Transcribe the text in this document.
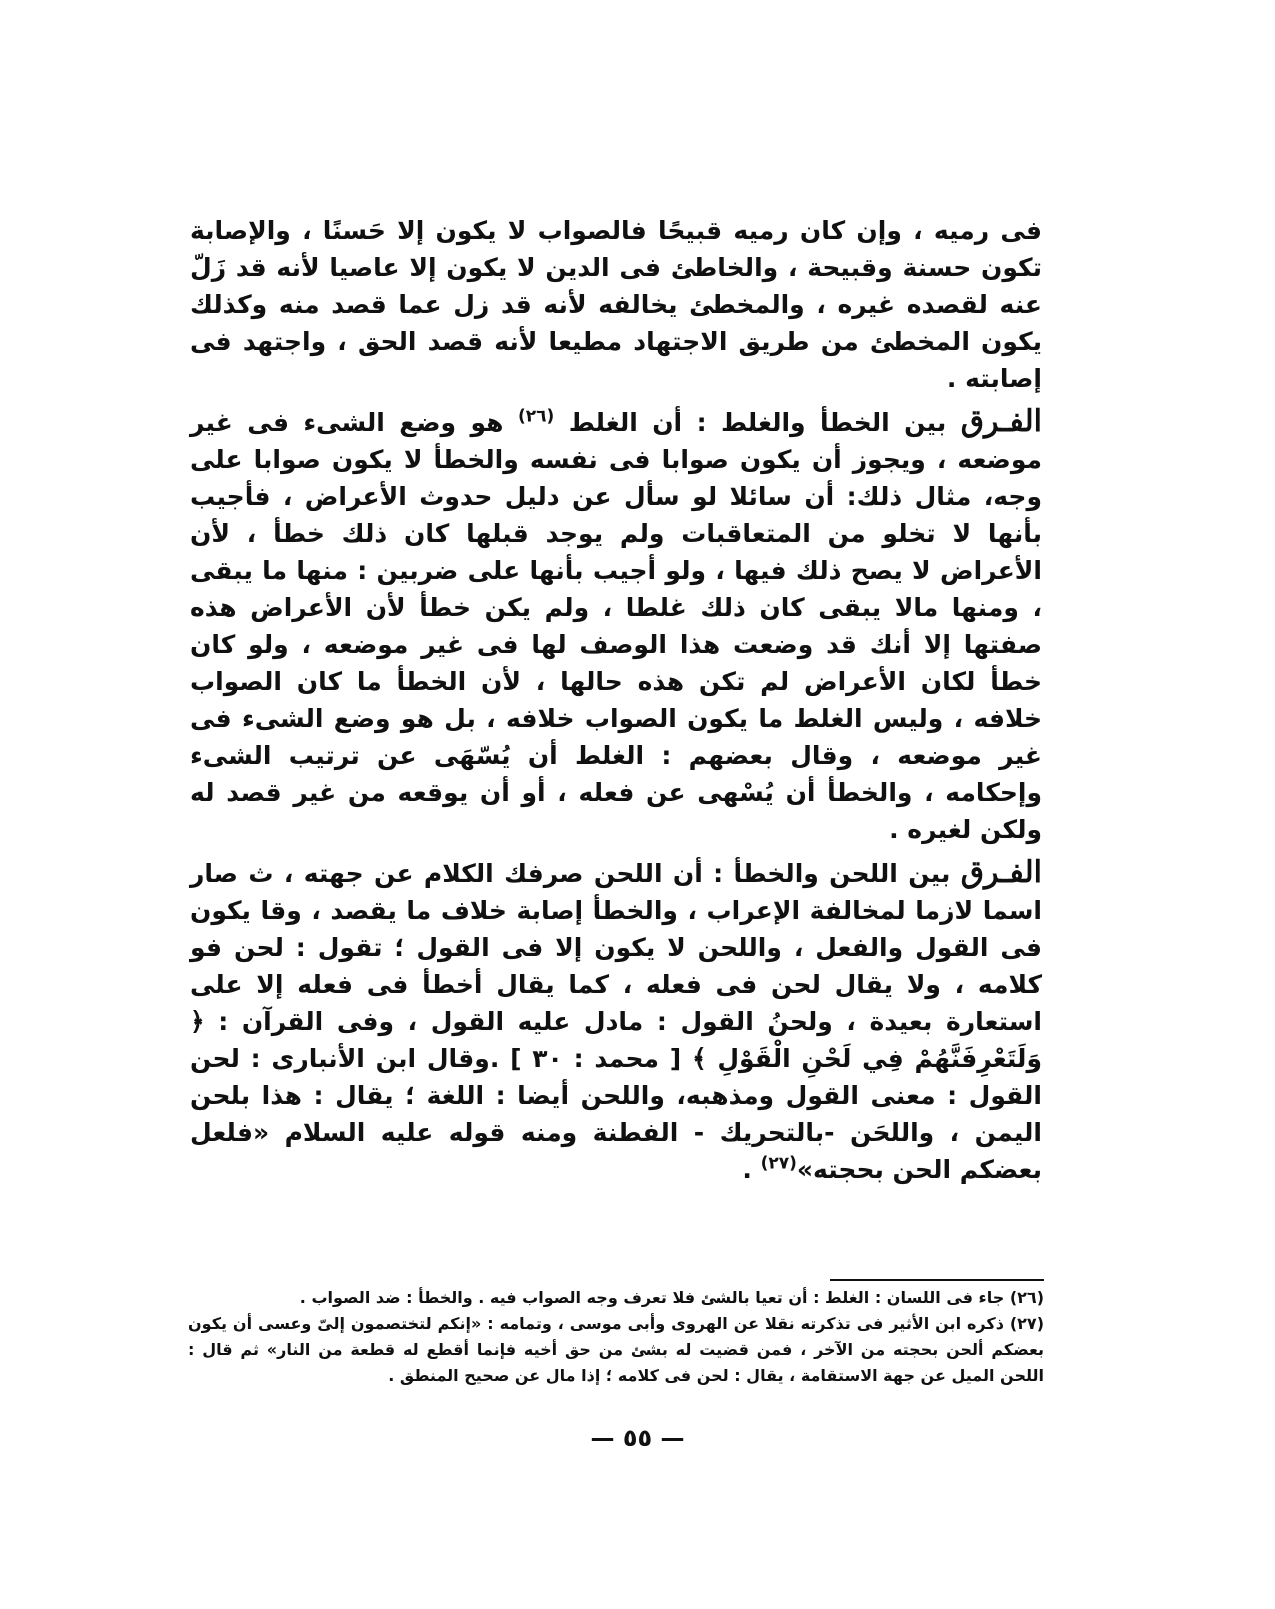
فى رميه ، وإن كان رميه قبيحًا فالصواب لا يكون إلا حَسنًا ، والإصابة تكون حسنة وقبيحة ، والخاطئ فى الدين لا يكون إلا عاصيا لأنه قد زَلّ عنه لقصده غيره ، والمخطئ يخالفه لأنه قد زل عما قصد منه وكذلك يكون المخطئ من طريق الاجتهاد مطيعا لأنه قصد الحق ، واجتهد فى إصابته .

الفـرق بين الخطأ والغلط : أن الغلط $^{(٢٦)}$ هو وضع الشىء فى غير موضعه ، ويجوز أن يكون صوابا فى نفسه والخطأ لا يكون صوابا على وجه، مثال ذلك: أن سائلا لو سأل عن دليل حدوث الأعراض ، فأجيب بأنها لا تخلو من المتعاقبات ولم يوجد قبلها كان ذلك خطأ ، لأن الأعراض لا يصح ذلك فيها ، ولو أجيب بأنها على ضربين : منها ما يبقى ، ومنها مالا يبقى كان ذلك غلطا ، ولم يكن خطأ لأن الأعراض هذه صفتها إلا أنك قد وضعت هذا الوصف لها فى غير موضعه ، ولو كان خطأ لكان الأعراض لم تكن هذه حالها ، لأن الخطأ ما كان الصواب خلافه ، وليس الغلط ما يكون الصواب خلافه ، بل هو وضع الشىء فى غير موضعه ، وقال بعضهم : الغلط أن يُسّهَى عن ترتيب الشىء وإحكامه ، والخطأ أن يُسْهى عن فعله ، أو أن يوقعه من غير قصد له ولكن لغيره .

الفـرق بين اللحن والخطأ : أن اللحن صرفك الكلام عن جهته ، ث صار اسما لازما لمخالفة الإعراب ، والخطأ إصابة خلاف ما يقصد ، وقا يكون فى القول والفعل ، واللحن لا يكون إلا فى القول ؛ تقول : لحن فو كلامه ، ولا يقال لحن فى فعله ، كما يقال أخطأ فى فعله إلا على استعارة بعيدة ، ولحنُ القول : مادل عليه القول ، وفى القرآن : ﴿ وَلَتَعْرِفَنَّهُمْ فِي لَحْنِ الْقَوْلِ ﴾ [ محمد : ٣٠ ] .وقال ابن الأنبارى : لحن القول : معنى القول ومذهبه، واللحن أيضا : اللغة ؛ يقال : هذا بلحن اليمن ، واللحَن -بالتحريك - الفطنة ومنه قوله عليه السلام «فلعل بعضكم الحن بحجته»$^{(٢٧)}$ .

(٢٦) جاء فى اللسان : الغلط : أن تعيا بالشئ فلا تعرف وجه الصواب فيه . والخطأ : ضد الصواب .

(٢٧) ذكره ابن الأثير فى تذكرته نقلا عن الهروى وأبى موسى ، وتمامه : «إنكم لتختصمون إلىّ وعسى أن يكون بعضكم ألحن بحجته من الآخر ، فمن قضيت له بشئ من حق أخيه فإنما أقطع له قطعة من النار» ثم قال : اللحن الميل عن جهة الاستقامة ، يقال : لحن فى كلامه ؛ إذا مال عن صحيح المنطق .

— ٥٥ —
